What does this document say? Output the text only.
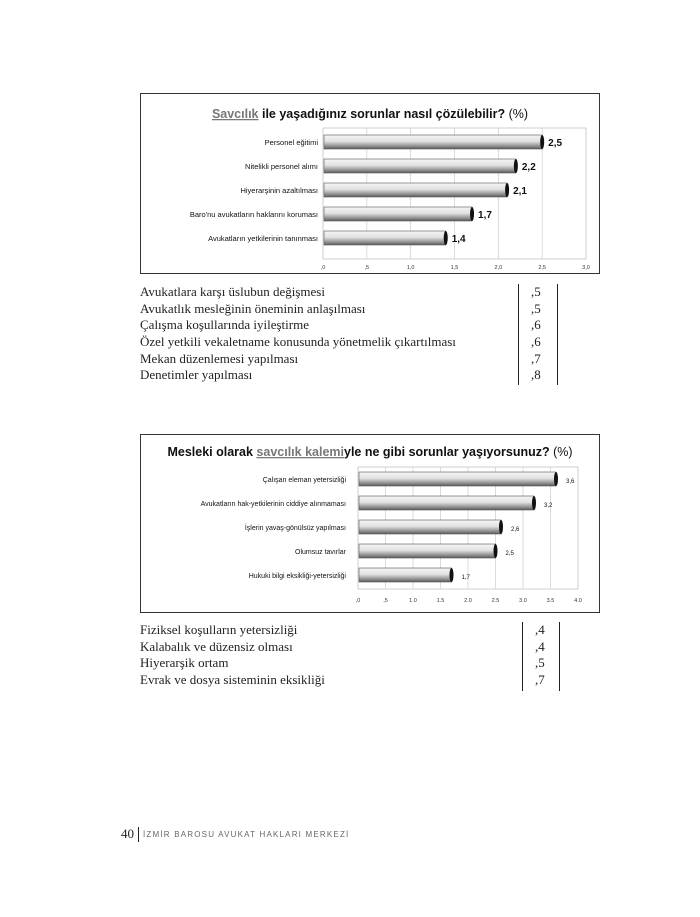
Savcılık ile yaşadığınız sorunlar nasıl çözülebilir? (%)
,0	,5	1,0	1,5	2,0	2,5	3,0
Personel eğitimi	2,5
Nitelikli personel alımı	2,2
Hiyerarşinin azaltılması	2,1
Baro'nu avukatların haklarını koruması	1,7
Avukatların yetkilerinin tanınması	1,4
Avukatlara karşı üslubun değişmesi	,5
Avukatlık mesleğinin öneminin anlaşılması	,5
Çalışma koşullarında iyileştirme	,6
Özel yetkili vekaletname konusunda yönetmelik çıkartılması	,6
Mekan düzenlemesi yapılması	,7
Denetimler yapılması	,8
Mesleki olarak savcılık kalemiyle ne gibi sorunlar yaşıyorsunuz? (%)
,0	,5	1.0	1.5	2.0	2.5	3.0	3.5	4.0
Çalışan eleman yetersizliği	3,6
Avukatların hak-yetkilerinin ciddiye alınmaması	3,2
İşlerin yavaş-gönülsüz yapılması	2,6
Olumsuz tavırlar	2,5
Hukuki bilgi eksikliği-yetersizliği	1,7
Fiziksel koşulların yetersizliği	,4
Kalabalık ve düzensiz olması	,4
Hiyerarşik ortam	,5
Evrak ve dosya sisteminin eksikliği	,7
40 İZMİR BAROSU AVUKAT HAKLARI MERKEZİ
